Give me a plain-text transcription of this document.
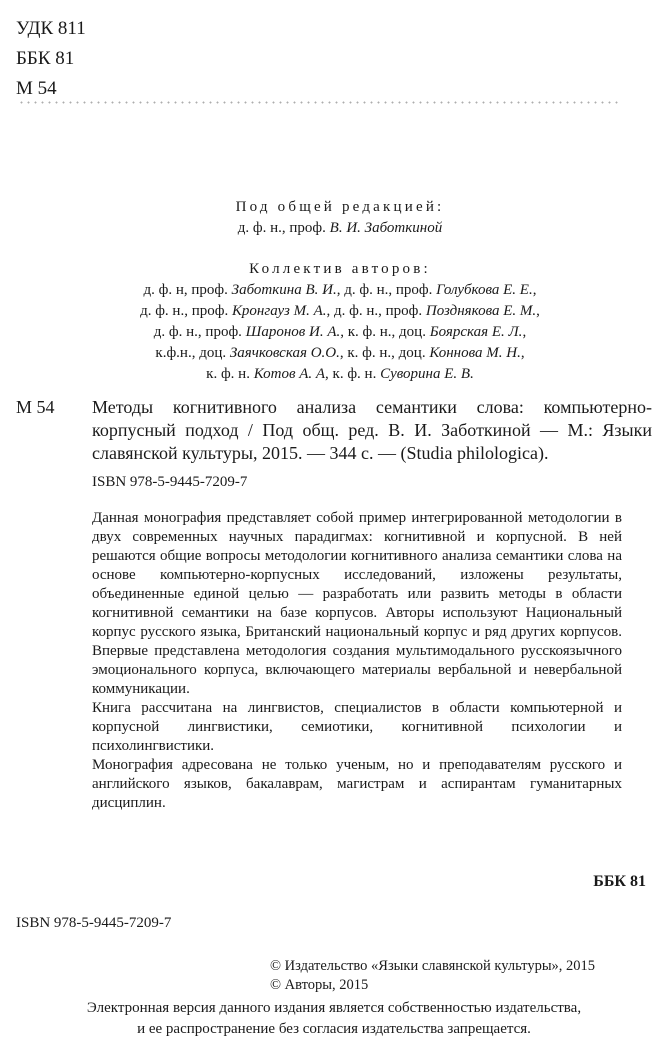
УДК 811
ББК 81
М 54
Под общей редакцией:
д. ф. н., проф. В. И. Заботкиной
Коллектив авторов:
д. ф. н, проф. Заботкина В. И., д. ф. н., проф. Голубкова Е. Е.,
д. ф. н., проф. Кронгауз М. А., д. ф. н., проф. Позднякова Е. М.,
д. ф. н., проф. Шаронов И. А., к. ф. н., доц. Боярская Е. Л.,
к.ф.н., доц. Заячковская О.О., к. ф. н., доц. Коннова М. Н.,
к. ф. н. Котов А. А, к. ф. н. Суворина Е. В.
М 54 Методы когнитивного анализа семантики слова: компьютерно-корпусный подход / Под общ. ред. В. И. Заботкиной — М.: Языки славянской культуры, 2015. — 344 с. — (Studia philologica).
ISBN 978-5-9445-7209-7

Данная монография представляет собой пример интегрированной методологии в двух современных научных парадигмах: когнитивной и корпусной. В ней решаются общие вопросы методологии когнитивного анализа семантики слова на основе компьютерно-корпусных исследований, изложены результаты, объединенные единой целью — разработать или развить методы в области когнитивной семантики на базе корпусов. Авторы используют Национальный корпус русского языка, Британский национальный корпус и ряд других корпусов. Впервые представлена методология создания мультимодального русскоязычного эмоционального корпуса, включающего материалы вербальной и невербальной коммуникации.

Книга рассчитана на лингвистов, специалистов в области компьютерной и корпусной лингвистики, семиотики, когнитивной психологии и психолингвистики.

Монография адресована не только ученым, но и преподавателям русского и английского языков, бакалаврам, магистрам и аспирантам гуманитарных дисциплин.

ББК 81
ISBN 978-5-9445-7209-7
© Издательство «Языки славянской культуры», 2015
© Авторы, 2015
Электронная версия данного издания является собственностью издательства,
и ее распространение без согласия издательства запрещается.
